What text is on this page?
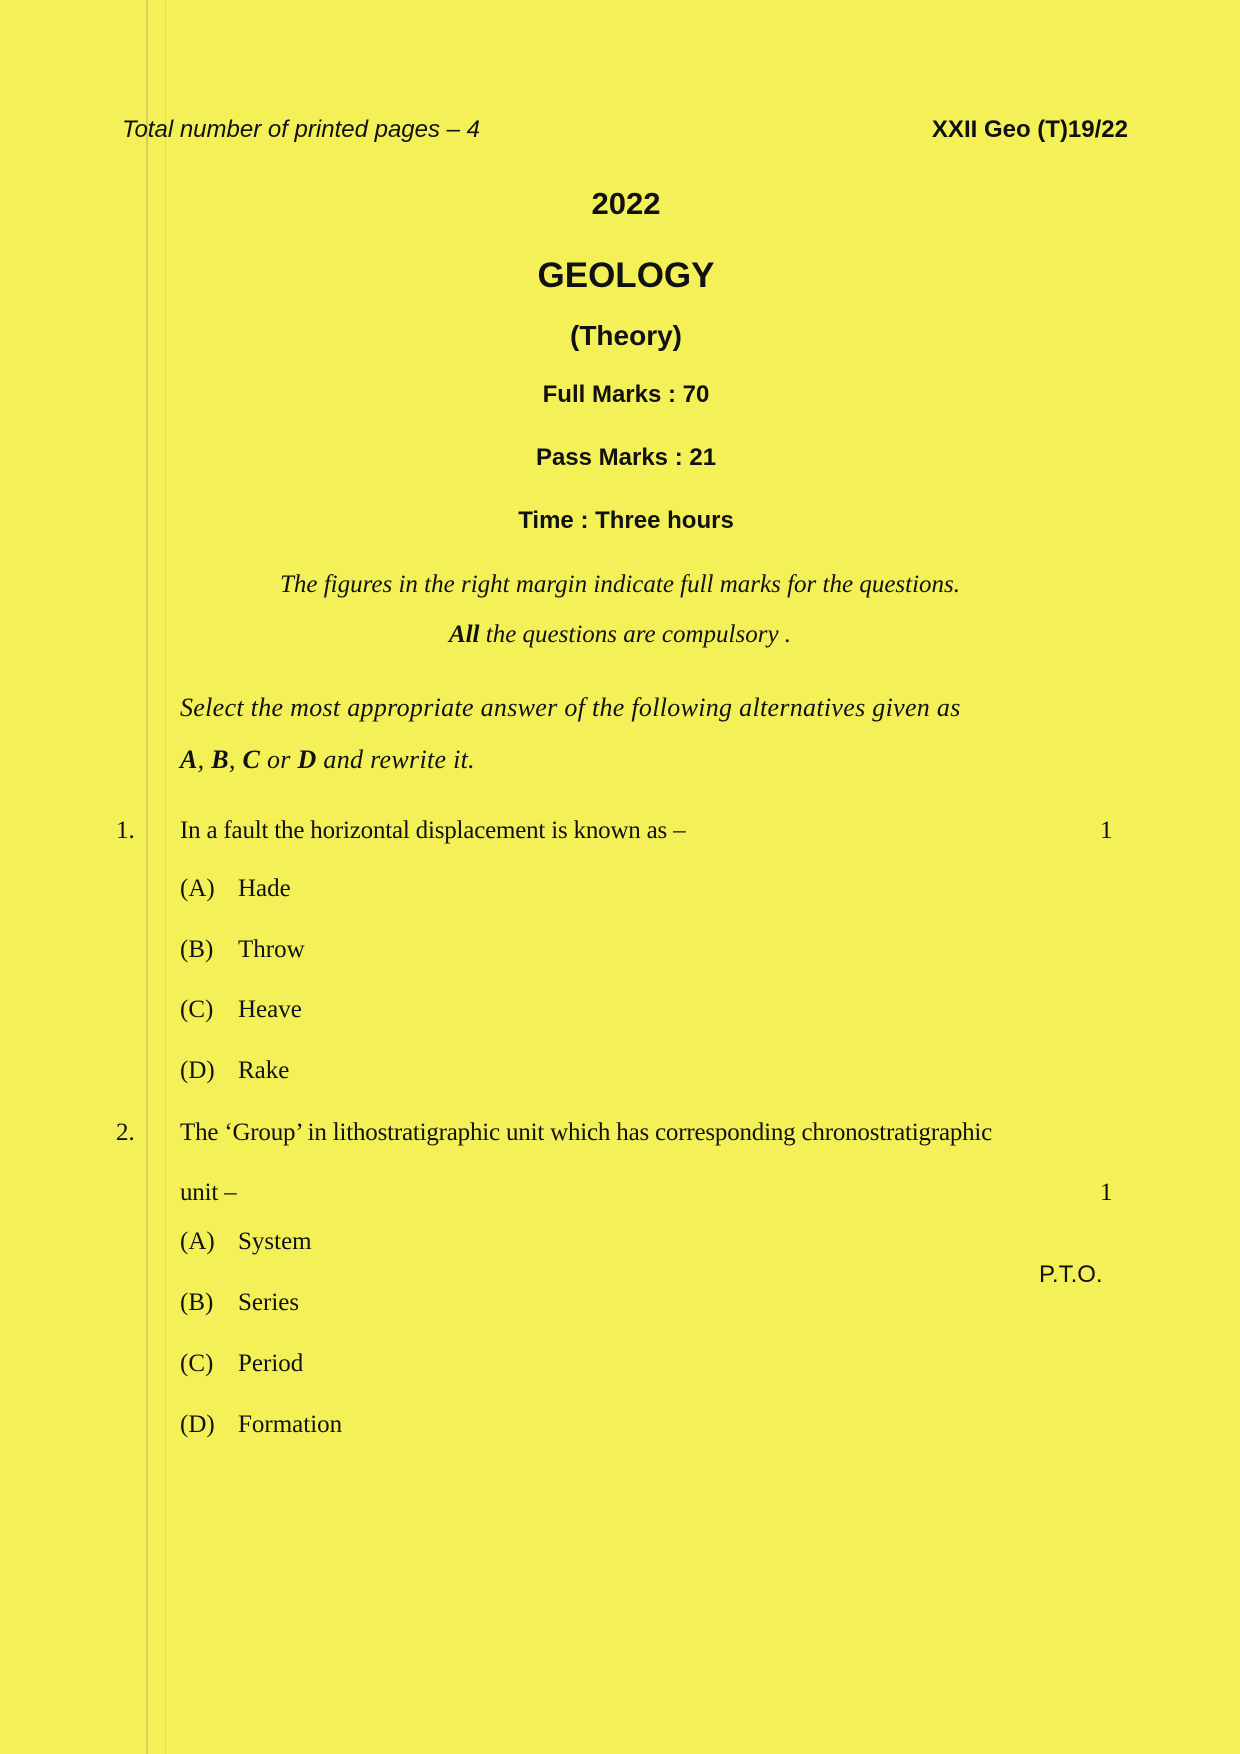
Total number of printed pages – 4	XXII Geo (T)19/22
2022
GEOLOGY
(Theory)
Full Marks : 70
Pass Marks : 21
Time : Three hours
The figures in the right margin indicate full marks for the questions.
All the questions are compulsory .
Select the most appropriate answer of the following alternatives given as
A, B, C or D and rewrite it.
1. In a fault the horizontal displacement is known as –	1
(A) Hade
(B) Throw
(C) Heave
(D) Rake
2. The ‘Group’ in lithostratigraphic unit which has corresponding chronostratigraphic
unit –	1
(A) System
(B) Series
(C) Period
(D) Formation
P.T.O.
